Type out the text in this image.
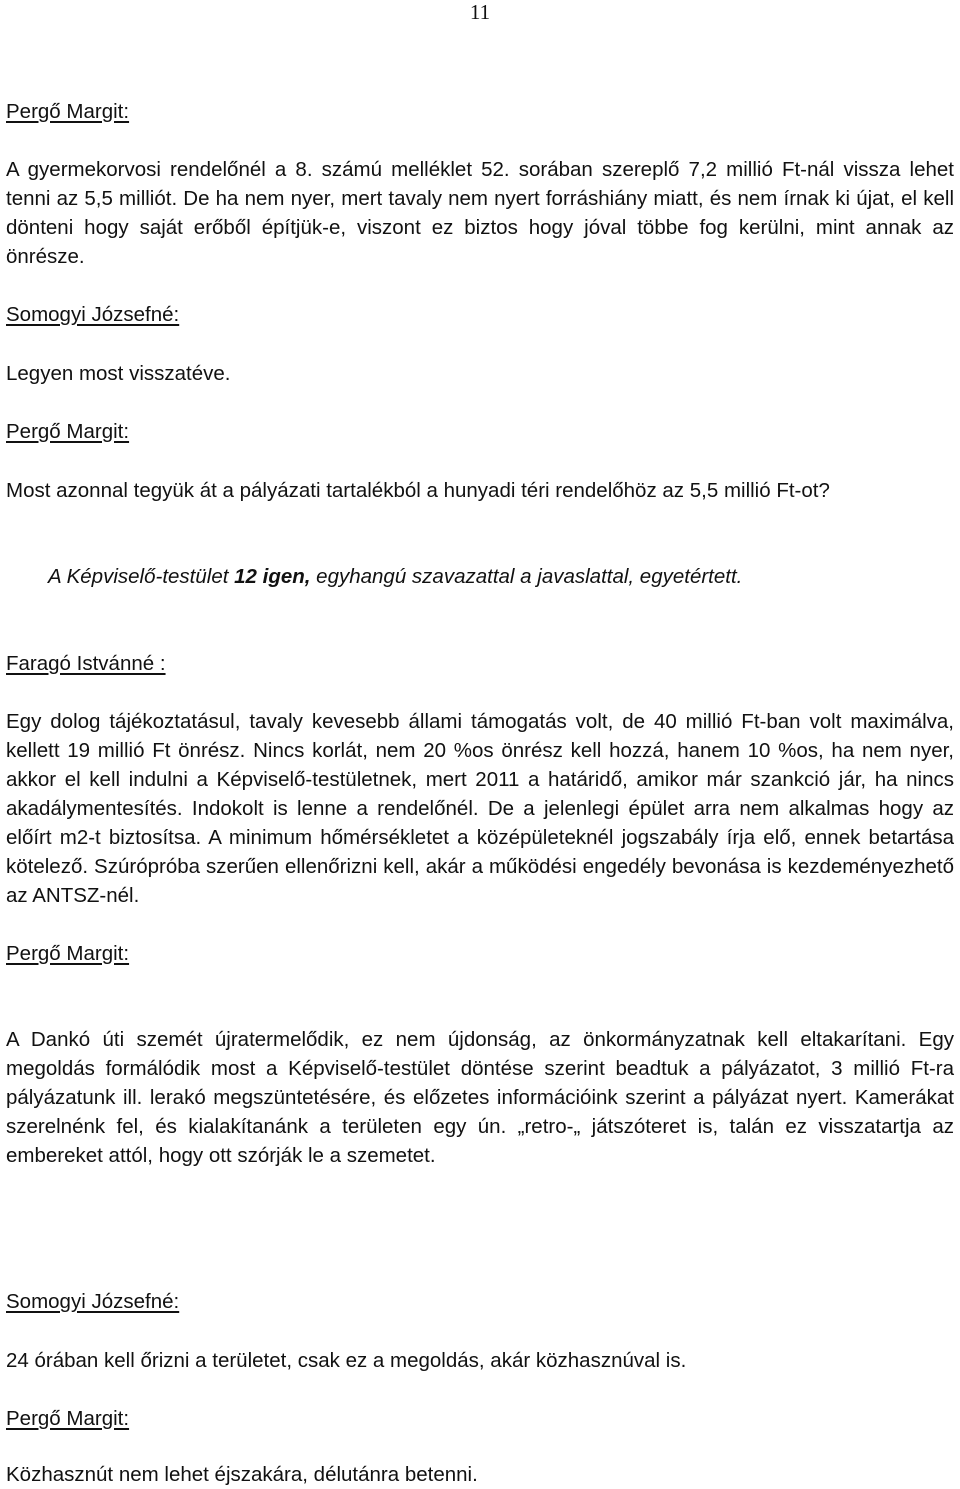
11
Pergő Margit:
A gyermekorvosi rendelőnél a 8. számú melléklet 52. sorában szereplő 7,2 millió Ft-nál vissza lehet tenni az 5,5 milliót. De ha nem nyer, mert tavaly nem nyert forráshiány miatt, és nem írnak ki újat, el kell dönteni hogy saját erőből építjük-e, viszont ez biztos hogy jóval többe fog kerülni, mint annak az önrésze.
Somogyi Józsefné:
Legyen most visszatéve.
Pergő Margit:
Most azonnal tegyük át a pályázati tartalékból a hunyadi téri rendelőhöz az 5,5 millió Ft-ot?
A Képviselő-testület 12 igen, egyhangú szavazattal a javaslattal, egyetértett.
Faragó Istvánné :
Egy dolog tájékoztatásul, tavaly kevesebb állami támogatás volt, de 40 millió Ft-ban volt maximálva, kellett 19 millió Ft önrész. Nincs korlát, nem 20 %os önrész kell hozzá, hanem 10 %os, ha nem nyer, akkor el kell indulni a Képviselő-testületnek, mert 2011 a határidő, amikor már szankció jár, ha nincs akadálymentesítés. Indokolt is lenne a rendelőnél. De a jelenlegi épület arra nem alkalmas hogy az előírt m2-t biztosítsa. A minimum hőmérsékletet a középületeknél jogszabály írja elő, ennek betartása kötelező. Szúrópróba szerűen ellenőrizni kell, akár a működési engedély bevonása is kezdeményezhető az ANTSZ-nél.
Pergő Margit:
A Dankó úti szemét újratermelődik, ez nem újdonság, az önkormányzatnak kell eltakarítani. Egy megoldás formálódik most a Képviselő-testület döntése szerint beadtuk a pályázatot, 3 millió Ft-ra pályázatunk ill. lerakó megszüntetésére, és előzetes információink szerint a pályázat nyert. Kamerákat szerelnénk fel, és kialakítanánk a területen egy ún. „retro-„ játszóteret is, talán ez visszatartja az embereket attól, hogy ott szórják le a szemetet.
Somogyi Józsefné:
24 órában kell őrizni a területet, csak ez a megoldás, akár közhasznúval is.
Pergő Margit:
Közhasznút nem lehet éjszakára, délutánra betenni.
